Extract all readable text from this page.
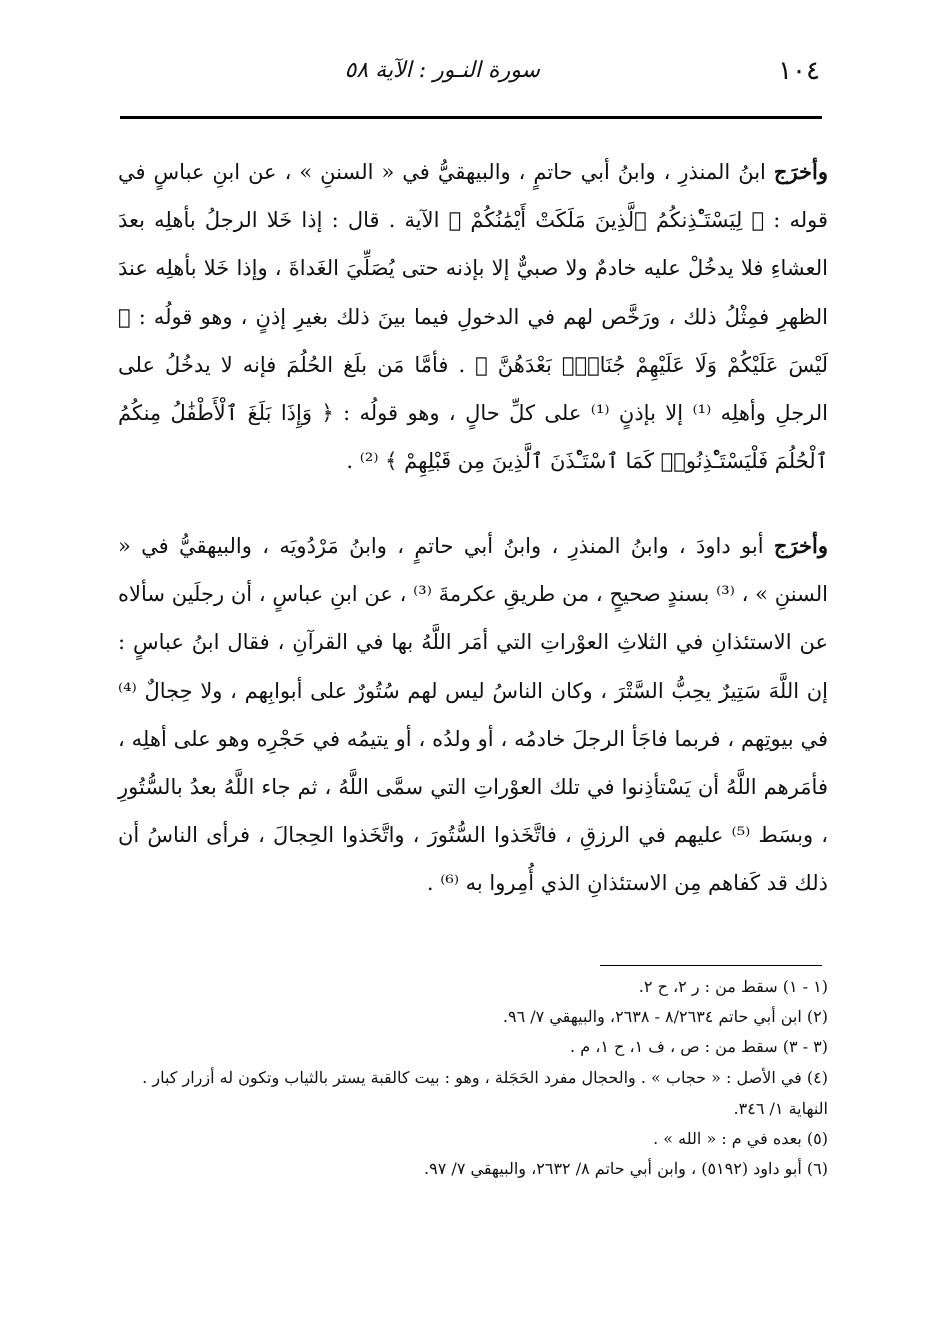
١٠٤
سورة النـور : الآية ٥٨

وأخرَج ابنُ المنذرِ ، وابنُ أبي حاتمٍ ، والبيهقيُّ في « السننِ » ، عن ابنِ عباسٍ في قوله : ﴿ لِيَسْتَـْٔذِنكُمُ ٱلَّذِينَ مَلَكَتْ أَيْمَٰنُكُمْ ﴾ الآية . قال : إذا خَلا الرجلُ بأهلِه بعدَ العشاءِ فلا يدخُلْ عليه خادمٌ ولا صبيٌّ إلا بإذنه حتى يُصَلِّيَ الغَداةَ ، وإذا خَلا بأهلِه عندَ الظهرِ فمِثْلُ ذلك ، ورَخَّص لهم في الدخولِ فيما بينَ ذلك بغيرِ إذنٍ ، وهو قولُه : ﴿ لَيْسَ عَلَيْكُمْ وَلَا عَلَيْهِمْ جُنَاحٌۢ بَعْدَهُنَّ ﴾ . فأمَّا مَن بلَغ الحُلُمَ فإنه لا يدخُلُ على الرجلِ وأهلِه ⁽¹⁾ إلا بإذنٍ ⁽¹⁾ على كلِّ حالٍ ، وهو قولُه : ﴿ وَإِذَا بَلَغَ ٱلْأَطْفَٰلُ مِنكُمُ ٱلْحُلُمَ فَلْيَسْتَـْٔذِنُوا۟ كَمَا ٱسْتَـْٔذَنَ ٱلَّذِينَ مِن قَبْلِهِمْ ﴾ ⁽²⁾ .

وأخرَج أبو داودَ ، وابنُ المنذرِ ، وابنُ أبي حاتمٍ ، وابنُ مَرْدُويَه ، والبيهقيُّ في « السننِ » ، ⁽³⁾ بسندٍ صحيحٍ ، من طريقِ عكرمةَ ⁽³⁾ ، عن ابنِ عباسٍ ، أن رجلَين سألاه عن الاستئذانِ في الثلاثِ العوْراتِ التي أمَر اللَّهُ بها في القرآنِ ، فقال ابنُ عباسٍ : إن اللَّهَ سَتِيرٌ يحِبُّ السَّتْرَ ، وكان الناسُ ليس لهم سُتُورٌ على أبوابِهم ، ولا حِجالٌ ⁽⁴⁾ في بيوتِهم ، فربما فاجَأ الرجلَ خادمُه ، أو ولدُه ، أو يتيمُه في حَجْرِه وهو على أهلِه ، فأمَرهم اللَّهُ أن يَسْتأذِنوا في تلك العوْراتِ التي سمَّى اللَّهُ ، ثم جاء اللَّهُ بعدُ بالسُّتُورِ ، وبسَط ⁽⁵⁾ عليهم في الرزقِ ، فاتَّخَذوا السُّتُورَ ، واتَّخَذوا الحِجالَ ، فرأى الناسُ أن ذلك قد كَفاهم مِن الاستئذانِ الذي أُمِروا به ⁽⁶⁾ .

(١ - ١) سقط من : ر ٢، ح ٢.

(٢) ابن أبي حاتم ٨/٢٦٣٤ - ٢٦٣٨، والبيهقي ٧/ ٩٦.

(٣ - ٣) سقط من : ص ، ف ١، ح ١، م .

(٤) في الأصل : « حجاب » . والحجال مفرد الحَجَلة ، وهو : بيت كالقبة يستر بالثياب وتكون له أزرار كبار . النهاية ١/ ٣٤٦.

(٥) بعده في م : « الله » .

(٦) أبو داود (٥١٩٢) ، وابن أبي حاتم ٨/ ٢٦٣٢، والبيهقي ٧/ ٩٧.
